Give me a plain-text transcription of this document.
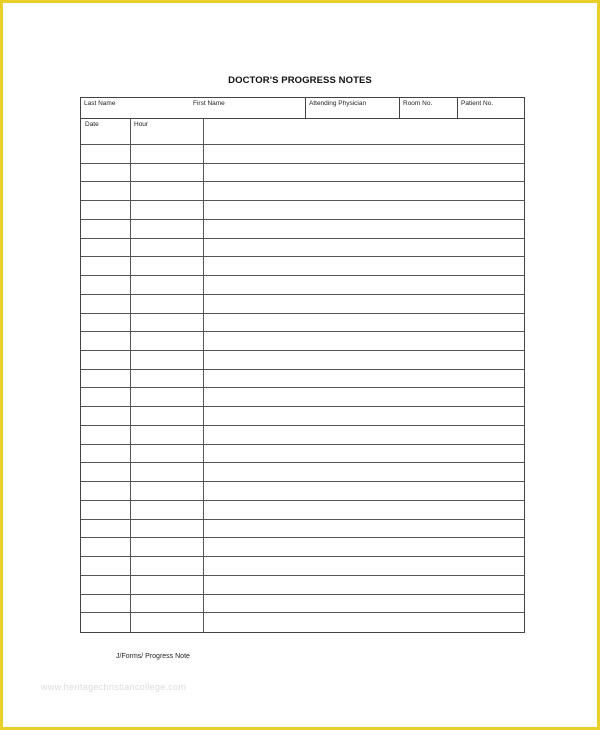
DOCTOR'S PROGRESS NOTES
Last Name	First Name	Attending Physician	Room No.	Patient No.
Date	Hour
J/Forms/ Progress Note
www.heritagechristiancollege.com
